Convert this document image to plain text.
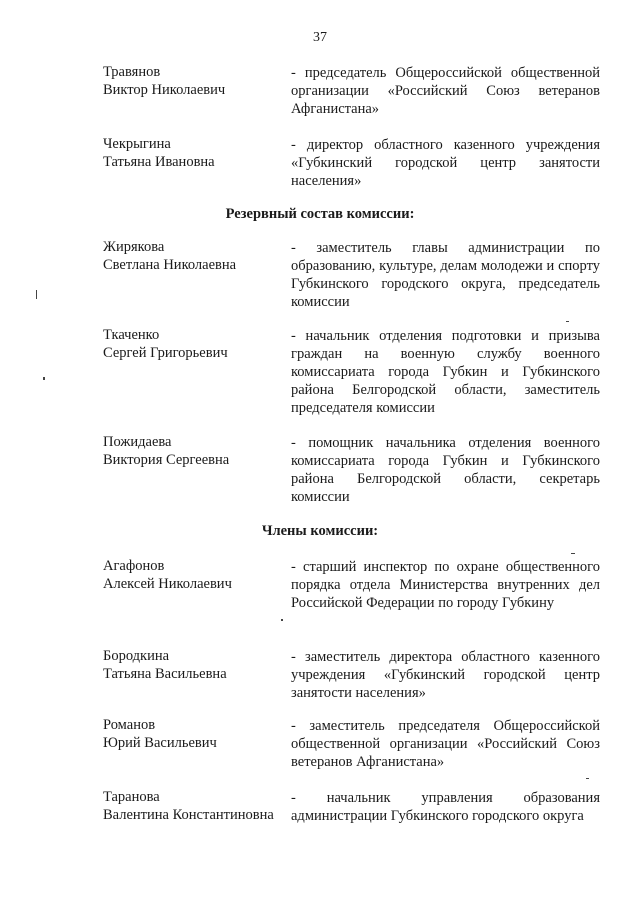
37
Травянов
Виктор Николаевич
- председатель Общероссийской общественной организации «Российский Союз ветеранов Афганистана»
Чекрыгина
Татьяна Ивановна
- директор областного казенного учреждения «Губкинский городской центр занятости населения»
Резервный состав комиссии:
Жирякова
Светлана Николаевна
- заместитель главы администрации по образованию, культуре, делам молодежи и спорту Губкинского городского округа, председатель комиссии
Ткаченко
Сергей Григорьевич
- начальник отделения подготовки и призыва граждан на военную службу военного комиссариата города Губкин и Губкинского района Белгородской области, заместитель председателя комиссии
Пожидаева
Виктория Сергеевна
- помощник начальника отделения военного комиссариата города Губкин и Губкинского района Белгородской области, секретарь комиссии
Члены комиссии:
Агафонов
Алексей Николаевич
- старший инспектор по охране общественного порядка отдела Министерства внутренних дел Российской Федерации по городу Губкину
Бородкина
Татьяна Васильевна
- заместитель директора областного казенного учреждения «Губкинский городской центр занятости населения»
Романов
Юрий Васильевич
- заместитель председателя Общероссийской общественной организации «Российский Союз ветеранов Афганистана»
Таранова
Валентина Константиновна
- начальник управления образования администрации Губкинского городского округа
